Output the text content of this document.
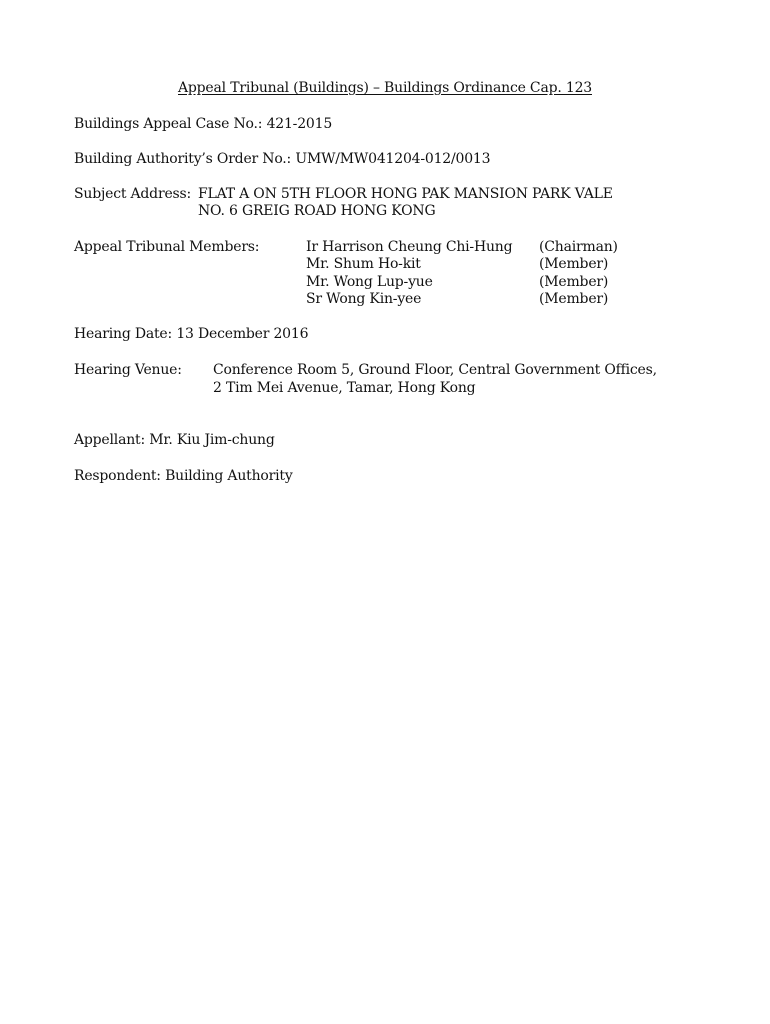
Appeal Tribunal (Buildings) – Buildings Ordinance Cap. 123
Buildings Appeal Case No.: 421-2015
Building Authority’s Order No.: UMW/MW041204-012/0013
Subject Address: FLAT A ON 5TH FLOOR HONG PAK MANSION PARK VALE
NO. 6 GREIG ROAD HONG KONG
Appeal Tribunal Members:	Ir Harrison Cheung Chi-Hung (Chairman)
Mr. Shum Ho-kit	(Member)
Mr. Wong Lup-yue	(Member)
Sr Wong Kin-yee	(Member)
Hearing Date: 13 December 2016
Hearing Venue: Conference Room 5, Ground Floor, Central Government Offices,
2 Tim Mei Avenue, Tamar, Hong Kong
Appellant: Mr. Kiu Jim-chung
Respondent: Building Authority
